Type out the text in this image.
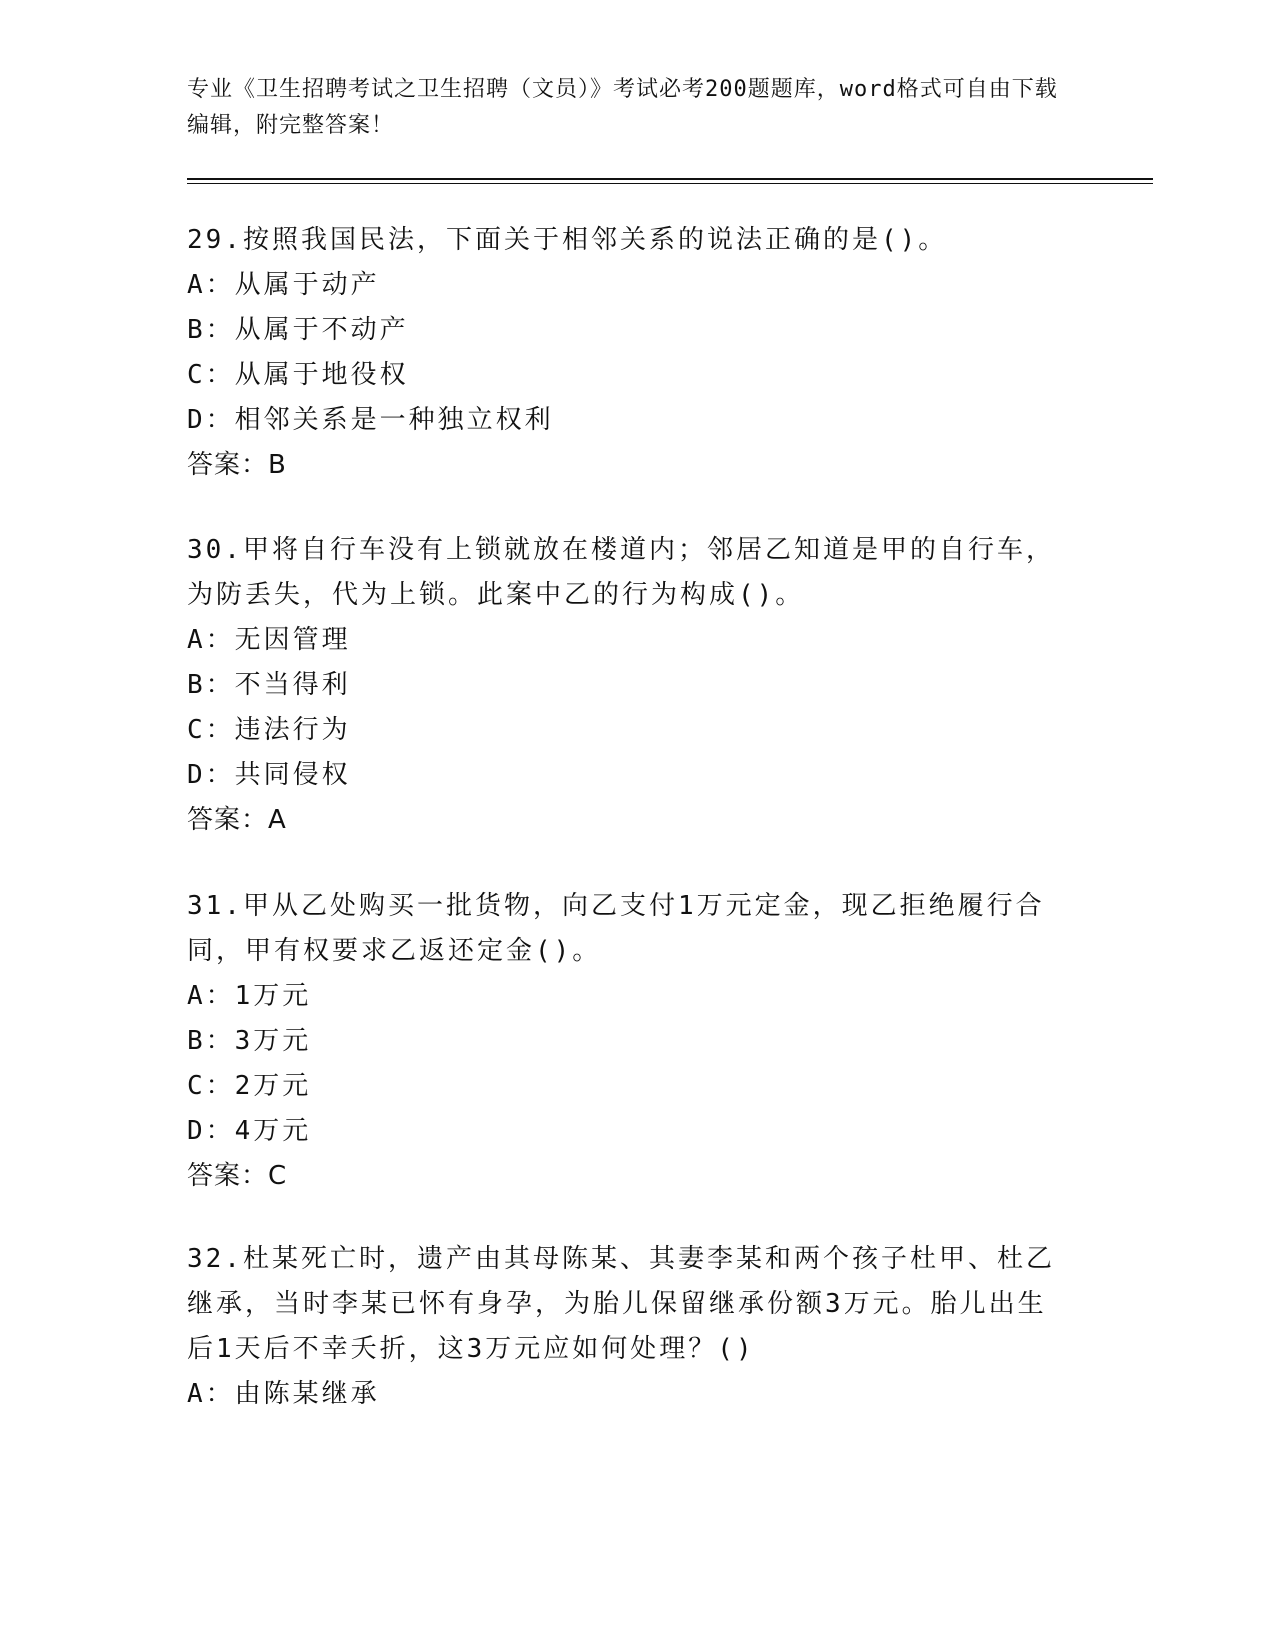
专业《卫生招聘考试之卫生招聘（文员）》考试必考200题题库，word格式可自由下载编辑，附完整答案！
29.按照我国民法，下面关于相邻关系的说法正确的是()。
A：从属于动产
B：从属于不动产
C：从属于地役权
D：相邻关系是一种独立权利
答案：B
30.甲将自行车没有上锁就放在楼道内；邻居乙知道是甲的自行车，为防丢失，代为上锁。此案中乙的行为构成()。
A：无因管理
B：不当得利
C：违法行为
D：共同侵权
答案：A
31.甲从乙处购买一批货物，向乙支付1万元定金，现乙拒绝履行合同，甲有权要求乙返还定金()。
A：1万元
B：3万元
C：2万元
D：4万元
答案：C
32.杜某死亡时，遗产由其母陈某、其妻李某和两个孩子杜甲、杜乙继承，当时李某已怀有身孕，为胎儿保留继承份额3万元。胎儿出生后1天后不幸夭折，这3万元应如何处理？()
A：由陈某继承
